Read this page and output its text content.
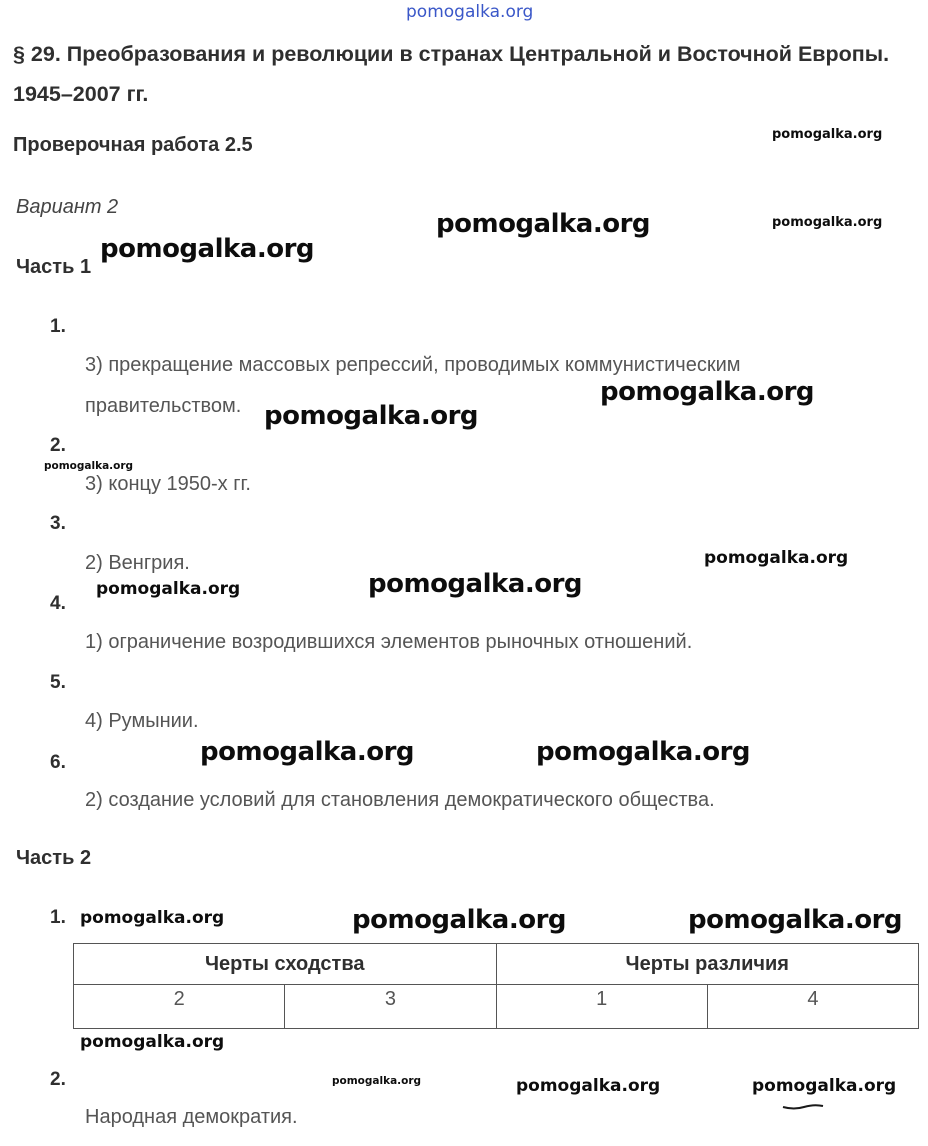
pomogalka.org
§ 29. Преобразования и революции в странах Центральной и Восточной Европы. 1945–2007 гг.
Проверочная работа 2.5
Вариант 2
Часть 1
1.
3) прекращение массовых репрессий, проводимых коммунистическим
правительством.
2.
3) концу 1950-х гг.
3.
2) Венгрия.
4.
1) ограничение возродившихся элементов рыночных отношений.
5.
4) Румынии.
6.
2) создание условий для становления демократического общества.
Часть 2
1.
Черты сходства		Черты различия	
2	3	1	4
2.
Народная демократия.
pomogalka.org
pomogalka.org	pomogalka.org
pomogalka.org
pomogalka.org
pomogalka.org
pomogalka.org
pomogalka.org
pomogalka.org
pomogalka.org
pomogalka.org	pomogalka.org
pomogalka.org	pomogalka.org	pomogalka.org
pomogalka.org
pomogalka.org	pomogalka.org	pomogalka.org
